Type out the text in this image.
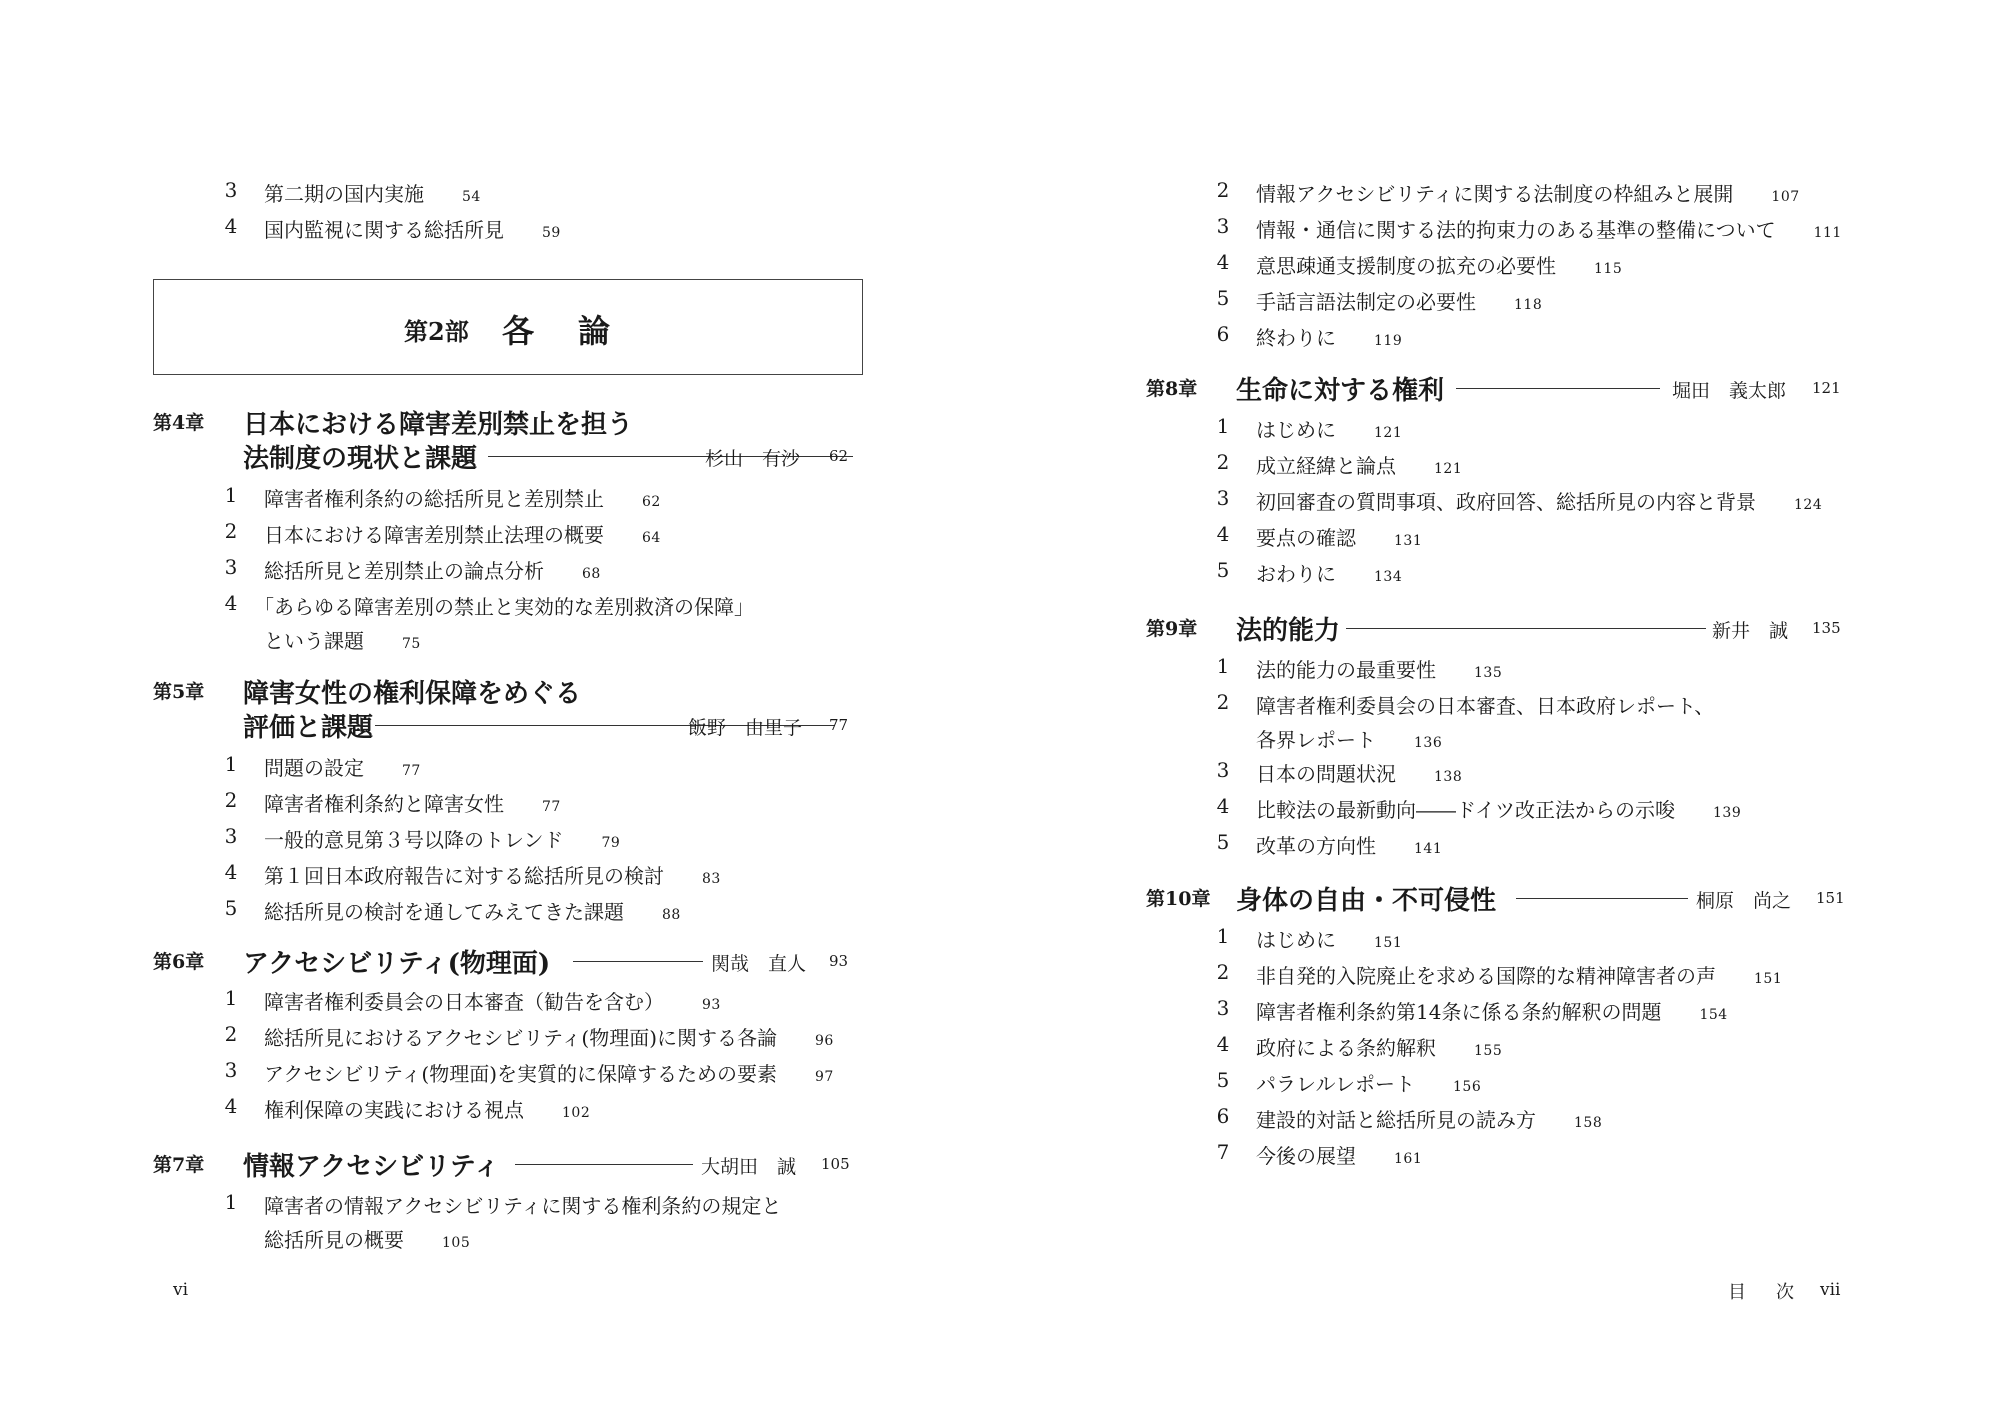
3	第二期の国内実施	54
4	国内監視に関する総括所見	59
第2部 各論
第4章 日本における障害差別禁止を担う
法制度の現状と課題	杉山　有沙 62
1	障害者権利条約の総括所見と差別禁止	62
2	日本における障害差別禁止法理の概要	64
3	総括所見と差別禁止の論点分析	68
4 「あらゆる障害差別の禁止と実効的な差別救済の保障」
という課題	75
第5章 障害女性の権利保障をめぐる
評価と課題	飯野　由里子 77
1	問題の設定	77
2	障害者権利条約と障害女性	77
3	一般的意見第３号以降のトレンド	79
4	第１回日本政府報告に対する総括所見の検討	83
5	総括所見の検討を通してみえてきた課題	88
第6章 アクセシビリティ(物理面)	関哉　直人 93
1	障害者権利委員会の日本審査（勧告を含む）	93
2	総括所見におけるアクセシビリティ(物理面)に関する各論	96
3	アクセシビリティ(物理面)を実質的に保障するための要素	97
4	権利保障の実践における視点	102
第7章 情報アクセシビリティ	大胡田　誠 105
1	障害者の情報アクセシビリティに関する権利条約の規定と
総括所見の概要	105
vi
2	情報アクセシビリティに関する法制度の枠組みと展開	107
3	情報・通信に関する法的拘束力のある基準の整備について	111
4	意思疎通支援制度の拡充の必要性	115
5	手話言語法制定の必要性	118
6	終わりに	119
第8章 生命に対する権利	堀田　義太郎 121
1	はじめに	121
2	成立経緯と論点	121
3	初回審査の質問事項、政府回答、総括所見の内容と背景	124
4	要点の確認	131
5	おわりに	134
第9章 法的能力	新井　誠 135
1	法的能力の最重要性	135
2	障害者権利委員会の日本審査、日本政府レポート、
各界レポート	136
3	日本の問題状況	138
4	比較法の最新動向――ドイツ改正法からの示唆	139
5	改革の方向性	141
第10章 身体の自由・不可侵性	桐原　尚之 151
1	はじめに	151
2	非自発的入院廃止を求める国際的な精神障害者の声	151
3	障害者権利条約第14条に係る条約解釈の問題	154
4	政府による条約解釈	155
5	パラレルレポート	156
6	建設的対話と総括所見の読み方	158
7	今後の展望	161
目次
vii
